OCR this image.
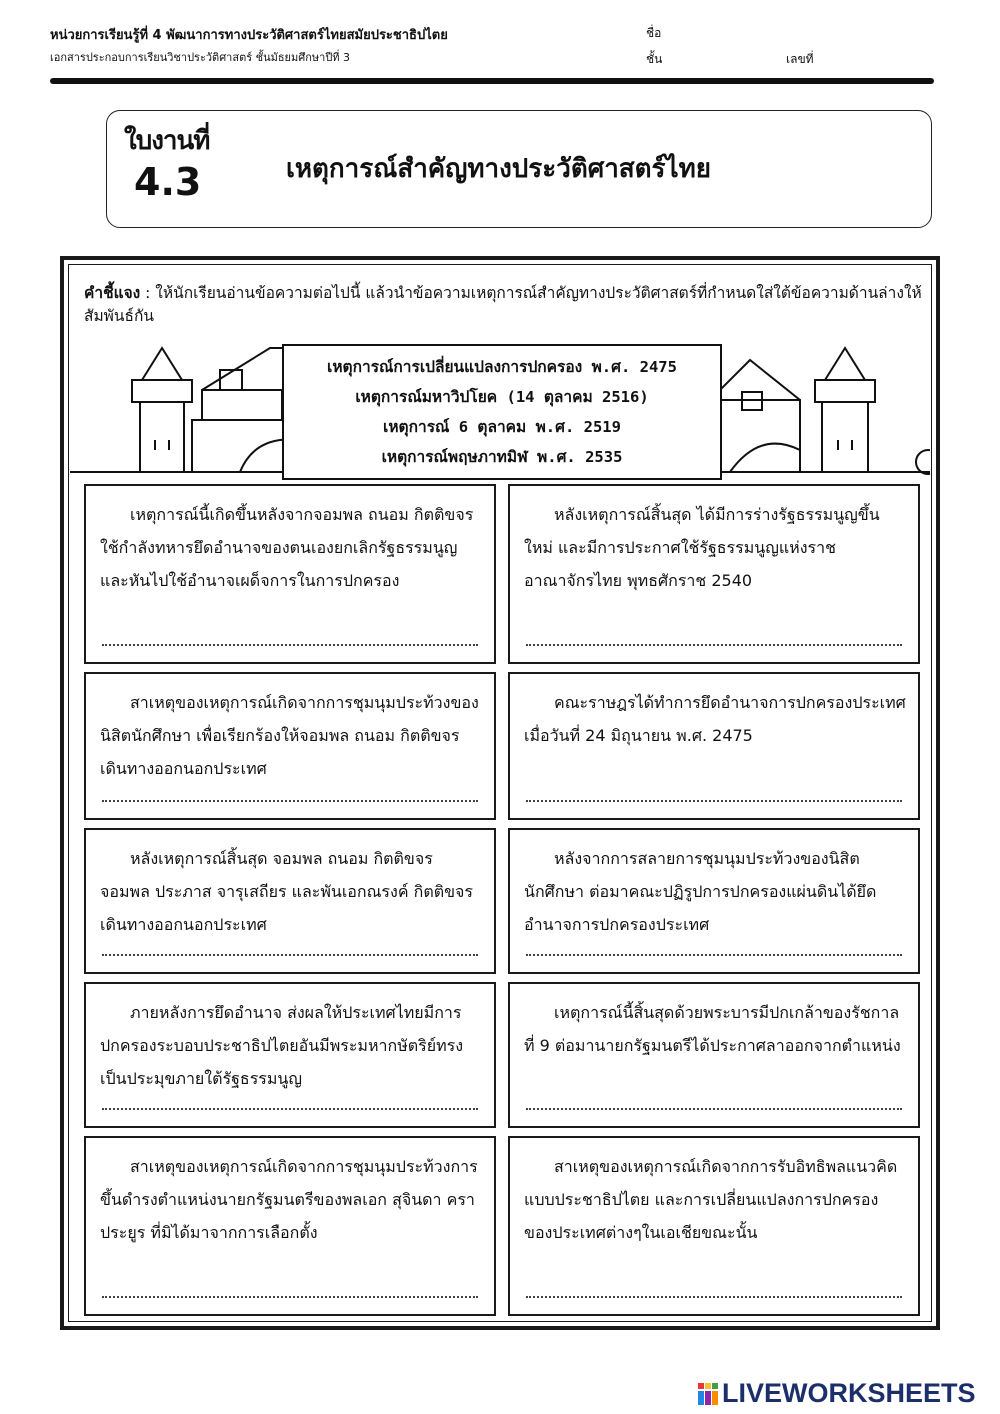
หน่วยการเรียนรู้ที่ 4 พัฒนาการทางประวัติศาสตร์ไทยสมัยประชาธิปไตย
เอกสารประกอบการเรียนวิชาประวัติศาสตร์ ชั้นมัธยมศึกษาปีที่ 3
ชื่อ
ชั้น	เลขที่
ใบงานที่
4.3	เหตุการณ์สำคัญทางประวัติศาสตร์ไทย
คำชี้แจง : ให้นักเรียนอ่านข้อความต่อไปนี้ แล้วนำข้อความเหตุการณ์สำคัญทางประวัติศาสตร์ที่กำหนดใส่ใต้ข้อความด้านล่างให้สัมพันธ์กัน
เหตุการณ์การเปลี่ยนแปลงการปกครอง พ.ศ. 2475
เหตุการณ์มหาวิปโยค (14 ตุลาคม 2516)
เหตุการณ์ 6 ตุลาคม พ.ศ. 2519
เหตุการณ์พฤษภาทมิฬ พ.ศ. 2535
เหตุการณ์นี้เกิดขึ้นหลังจากจอมพล ถนอม กิตติขจร ใช้กำลังทหารยึดอำนาจของตนเองยกเลิกรัฐธรรมนูญ และหันไปใช้อำนาจเผด็จการในการปกครอง
หลังเหตุการณ์สิ้นสุด ได้มีการร่างรัฐธรรมนูญขึ้นใหม่ และมีการประกาศใช้รัฐธรรมนูญแห่งราชอาณาจักรไทย พุทธศักราช 2540
สาเหตุของเหตุการณ์เกิดจากการชุมนุมประท้วงของนิสิตนักศึกษา เพื่อเรียกร้องให้จอมพล ถนอม กิตติขจร เดินทางออกนอกประเทศ
คณะราษฎรได้ทำการยึดอำนาจการปกครองประเทศ เมื่อวันที่ 24 มิถุนายน พ.ศ. 2475
หลังเหตุการณ์สิ้นสุด จอมพล ถนอม กิตติขจร จอมพล ประภาส จารุเสถียร และพันเอกณรงค์ กิตติขจร เดินทางออกนอกประเทศ
หลังจากการสลายการชุมนุมประท้วงของนิสิตนักศึกษา ต่อมาคณะปฏิรูปการปกครองแผ่นดินได้ยึดอำนาจการปกครองประเทศ
ภายหลังการยึดอำนาจ ส่งผลให้ประเทศไทยมีการปกครองระบอบประชาธิปไตยอันมีพระมหากษัตริย์ทรงเป็นประมุขภายใต้รัฐธรรมนูญ
เหตุการณ์นี้สิ้นสุดด้วยพระบารมีปกเกล้าของรัชกาลที่ 9 ต่อมานายกรัฐมนตรีได้ประกาศลาออกจากตำแหน่ง
สาเหตุของเหตุการณ์เกิดจากการชุมนุมประท้วงการขึ้นดำรงตำแหน่งนายกรัฐมนตรีของพลเอก สุจินดา คราประยูร ที่มิได้มาจากการเลือกตั้ง
สาเหตุของเหตุการณ์เกิดจากการรับอิทธิพลแนวคิดแบบประชาธิปไตย และการเปลี่ยนแปลงการปกครองของประเทศต่างๆในเอเชียขณะนั้น
LIVEWORKSHEETS
